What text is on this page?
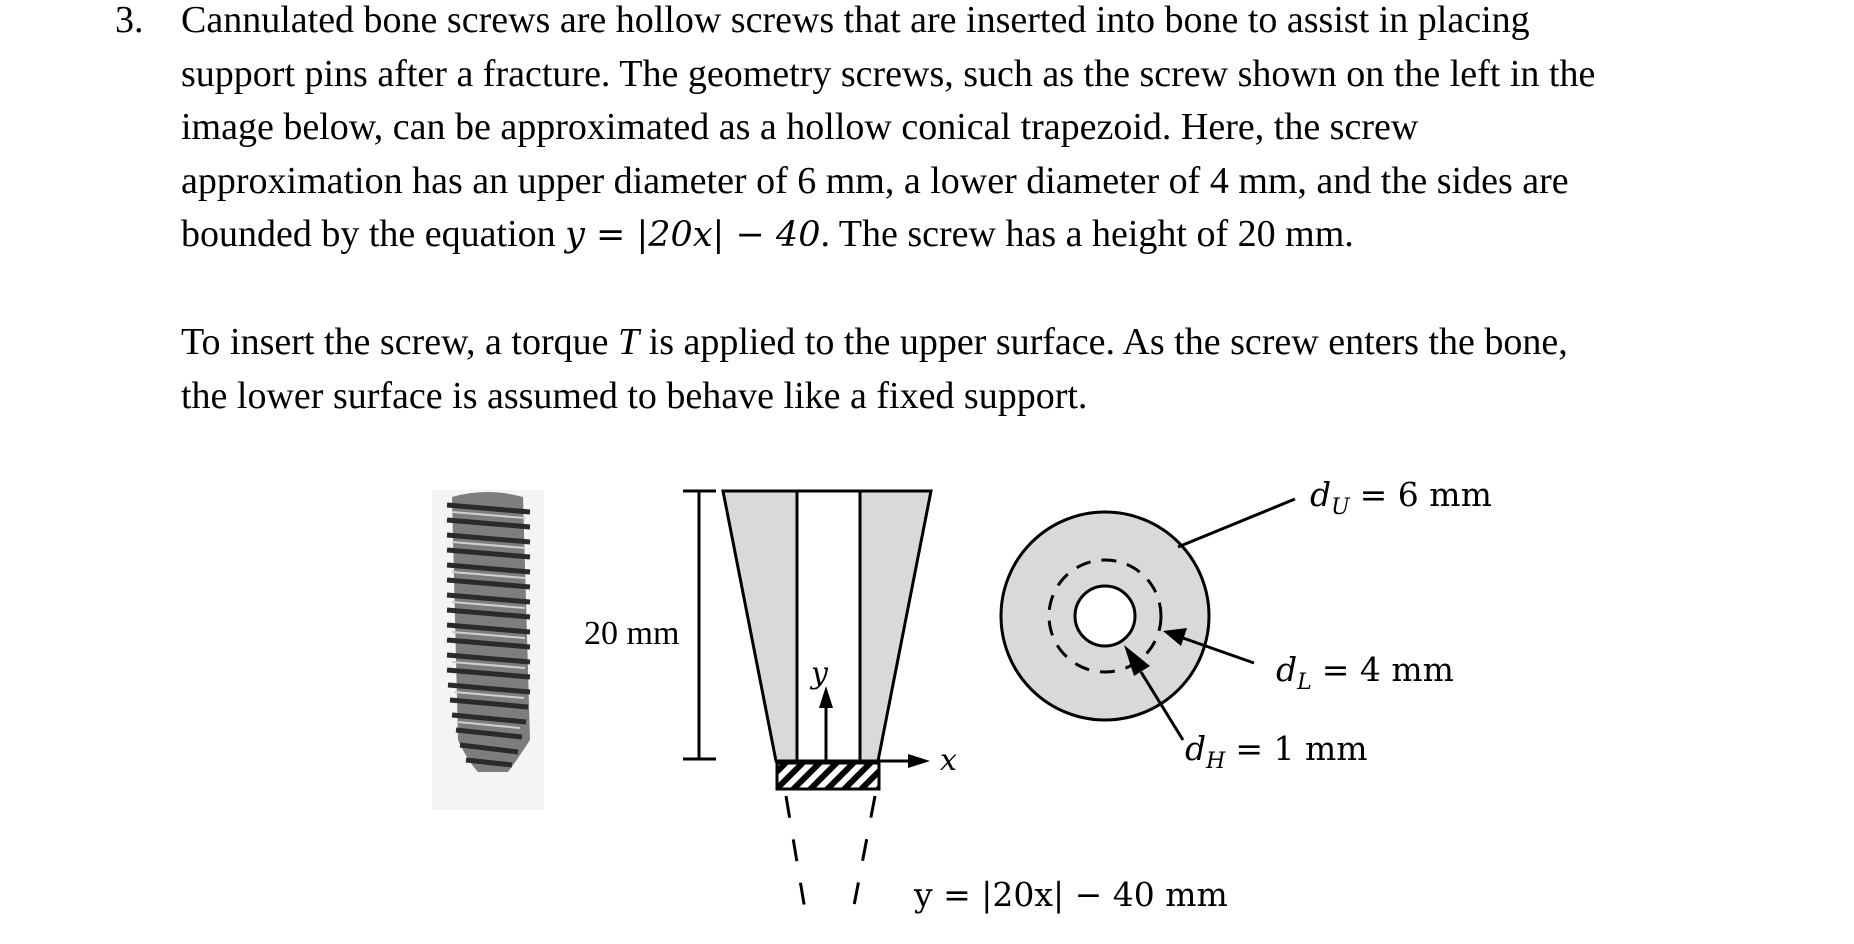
3. Cannulated bone screws are hollow screws that are inserted into bone to assist in placing
support pins after a fracture. The geometry screws, such as the screw shown on the left in the
image below, can be approximated as a hollow conical trapezoid. Here, the screw
approximation has an upper diameter of 6 mm, a lower diameter of 4 mm, and the sides are
bounded by the equation y = |20x| − 40. The screw has a height of 20 mm.
To insert the screw, a torque T is applied to the upper surface. As the screw enters the bone,
the lower surface is assumed to behave like a fixed support.
20 mm
y
x
$d_U = 6$ mm
$d_L = 4$ mm
$d_H = 1$ mm
y = |20x| − 40 mm
